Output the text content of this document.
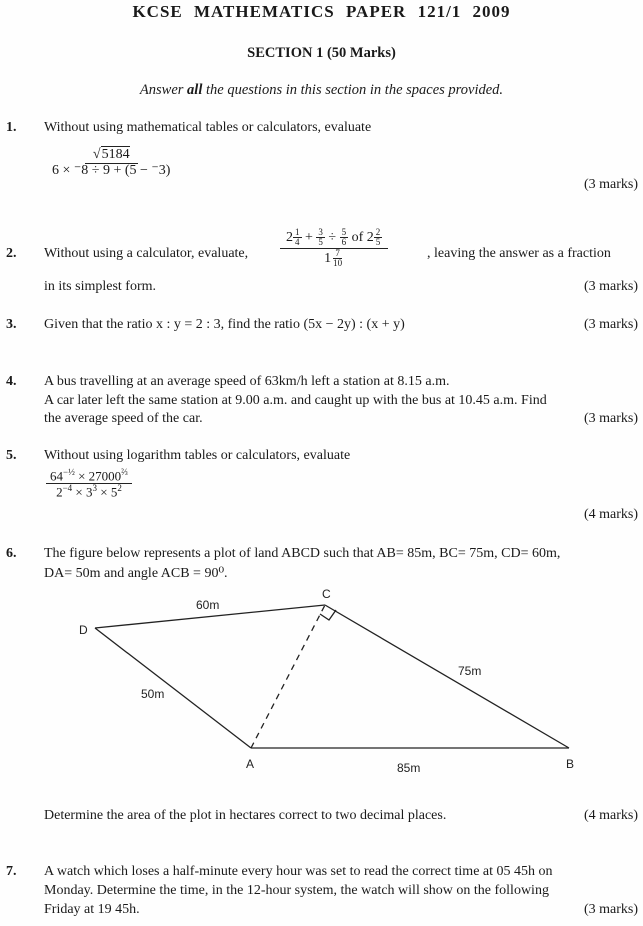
KCSE MATHEMATICS PAPER 121/1 2009
SECTION 1 (50 Marks)
Answer all the questions in this section in the spaces provided.
1. Without using mathematical tables or calculators, evaluate
$\frac{√5184}{6 \times ^-8 \div 9 + (5 - ^-3)}$
(3 marks)
2. Without using a calculator, evaluate, $\frac{2 \frac{1}{4} + \frac{3}{5} \div \frac{5}{6} of 2 \frac{2}{5}}{1 \frac{7}{10}}$	, leaving the answer as a fraction
in its simplest form.	(3 marks)
3. Given that the ratio x : y = 2 : 3, find the ratio (5x − 2y) : (x + y)	(3 marks)
4. A bus travelling at an average speed of 63km/h left a station at 8.15 a.m.
A car later left the same station at 9.00 a.m. and caught up with the bus at 10.45 a.m. Find
the average speed of the car.	(3 marks)
5. Without using logarithm tables or calculators, evaluate
$\frac{64^{-\frac{1}{2}} \times 27000^{\frac{2}{3}}}{2^{-4} \times 3^3 \times 5^2}$
(4 marks)
6. The figure below represents a plot of land ABCD such that AB= 85m, BC= 75m, CD= 60m,
DA= 50m and angle ACB = 90⁰.
D
C
A	B
60m
75m
50m
85m
Determine the area of the plot in hectares correct to two decimal places.	(4 marks)
7. A watch which loses a half-minute every hour was set to read the correct time at 05 45h on
Monday. Determine the time, in the 12-hour system, the watch will show on the following
Friday at 19 45h.	(3 marks)
